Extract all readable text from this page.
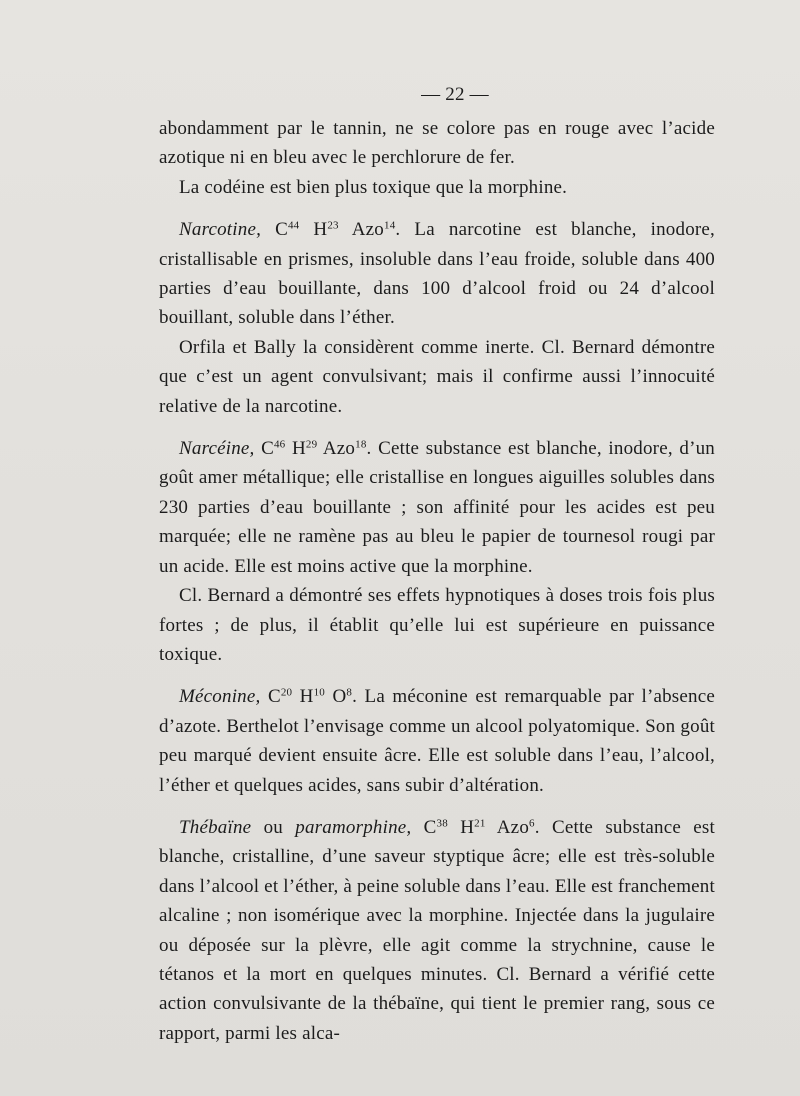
— 22 —

abondamment par le tannin, ne se colore pas en rouge avec l’acide azotique ni en bleu avec le perchlorure de fer.

La codéine est bien plus toxique que la morphine.

Narcotine, $C^{44}$ $H^{23}$ Azo$^{14}$. La narcotine est blanche, inodore, cristallisable en prismes, insoluble dans l’eau froide, soluble dans 400 parties d’eau bouillante, dans 100 d’alcool froid ou 24 d’alcool bouillant, soluble dans l’éther.

Orfila et Bally la considèrent comme inerte. Cl. Bernard démontre que c’est un agent convulsivant; mais il confirme aussi l’innocuité relative de la narcotine.

Narcéine, $C^{46}$ $H^{29}$ Azo$^{18}$. Cette substance est blanche, inodore, d’un goût amer métallique; elle cristallise en longues aiguilles solubles dans 230 parties d’eau bouillante ; son affinité pour les acides est peu marquée; elle ne ramène pas au bleu le papier de tournesol rougi par un acide. Elle est moins active que la morphine.

Cl. Bernard a démontré ses effets hypnotiques à doses trois fois plus fortes ; de plus, il établit qu’elle lui est supérieure en puissance toxique.

Méconine, $C^{20}$ $H^{10}$ $O^8$. La méconine est remarquable par l’absence d’azote. Berthelot l’envisage comme un alcool polyatomique. Son goût peu marqué devient ensuite âcre. Elle est soluble dans l’eau, l’alcool, l’éther et quelques acides, sans subir d’altération.

Thébaïne ou paramorphine, $C^{38}$ $H^{21}$ Azo$^6$. Cette substance est blanche, cristalline, d’une saveur styptique âcre; elle est très-soluble dans l’alcool et l’éther, à peine soluble dans l’eau. Elle est franchement alcaline ; non isomérique avec la morphine. Injectée dans la jugulaire ou déposée sur la plèvre, elle agit comme la strychnine, cause le tétanos et la mort en quelques minutes. Cl. Bernard a vérifié cette action convulsivante de la thébaïne, qui tient le premier rang, sous ce rapport, parmi les alca-
